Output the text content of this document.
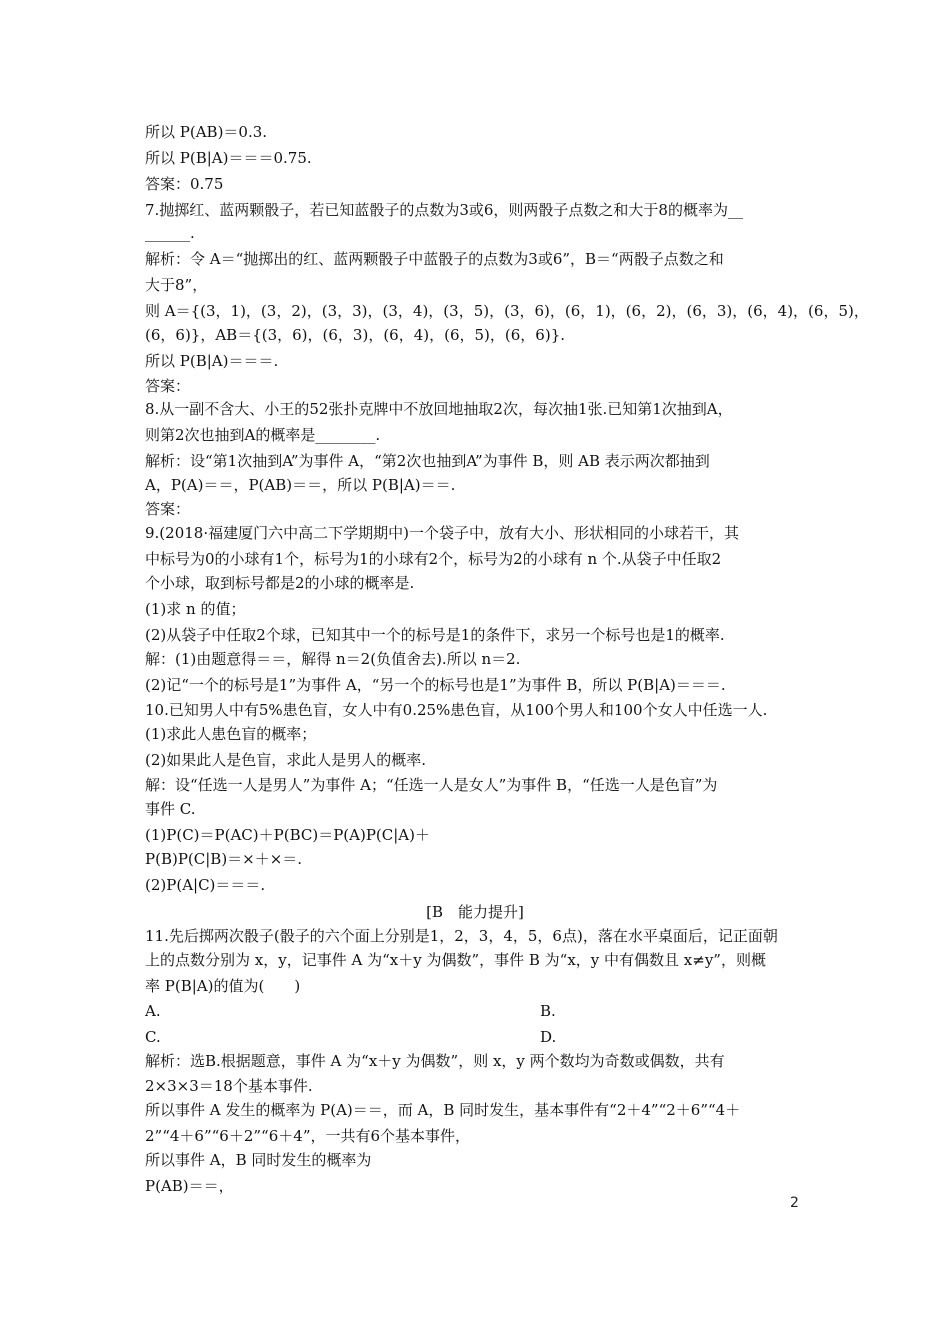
所以 P(AB)＝0.3.
所以 P(B|A)＝＝＝0.75.
答案：0.75
7.抛掷红、蓝两颗骰子，若已知蓝骰子的点数为3或6，则两骰子点数之和大于8的概率为__
______.
解析：令 A＝“抛掷出的红、蓝两颗骰子中蓝骰子的点数为3或6”，B＝“两骰子点数之和
大于8”，
则 A＝{(3，1)，(3，2)，(3，3)，(3，4)，(3，5)，(3，6)，(6，1)，(6，2)，(6，3)，(6，4)，(6，5)，
(6，6)}，AB＝{(3，6)，(6，3)，(6，4)，(6，5)，(6，6)}.
所以 P(B|A)＝＝＝.
答案：
8.从一副不含大、小王的52张扑克牌中不放回地抽取2次，每次抽1张.已知第1次抽到A，
则第2次也抽到A的概率是________.
解析：设“第1次抽到A”为事件 A，“第2次也抽到A”为事件 B，则 AB 表示两次都抽到
A，P(A)＝＝，P(AB)＝＝，所以 P(B|A)＝＝.
答案：
9.(2018·福建厦门六中高二下学期期中)一个袋子中，放有大小、形状相同的小球若干，其
中标号为0的小球有1个，标号为1的小球有2个，标号为2的小球有 n 个.从袋子中任取2
个小球，取到标号都是2的小球的概率是.
(1)求 n 的值；
(2)从袋子中任取2个球，已知其中一个的标号是1的条件下，求另一个标号也是1的概率.
解：(1)由题意得＝＝，解得 n＝2(负值舍去).所以 n＝2.
(2)记“一个的标号是1”为事件 A，“另一个的标号也是1”为事件 B，所以 P(B|A)＝＝＝.
10.已知男人中有5%患色盲，女人中有0.25%患色盲，从100个男人和100个女人中任选一人.
(1)求此人患色盲的概率；
(2)如果此人是色盲，求此人是男人的概率.
解：设“任选一人是男人”为事件 A；“任选一人是女人”为事件 B，“任选一人是色盲”为
事件 C.
(1)P(C)＝P(AC)＋P(BC)＝P(A)P(C|A)＋
P(B)P(C|B)＝×＋×＝.
(2)P(A|C)＝＝＝.
[B　能力提升]
11.先后掷两次骰子(骰子的六个面上分别是1，2，3，4，5，6点)，落在水平桌面后，记正面朝
上的点数分别为 x，y，记事件 A 为“x＋y 为偶数”，事件 B 为“x，y 中有偶数且 x≠y”，则概
率 P(B|A)的值为(　　)
A.	B.
C.	D.
解析：选B.根据题意，事件 A 为“x＋y 为偶数”，则 x，y 两个数均为奇数或偶数，共有
2×3×3＝18个基本事件.
所以事件 A 发生的概率为 P(A)＝＝，而 A，B 同时发生，基本事件有“2＋4”“2＋6”“4＋
2”“4＋6”“6＋2”“6＋4”，一共有6个基本事件，
所以事件 A，B 同时发生的概率为
P(AB)＝＝，
2
